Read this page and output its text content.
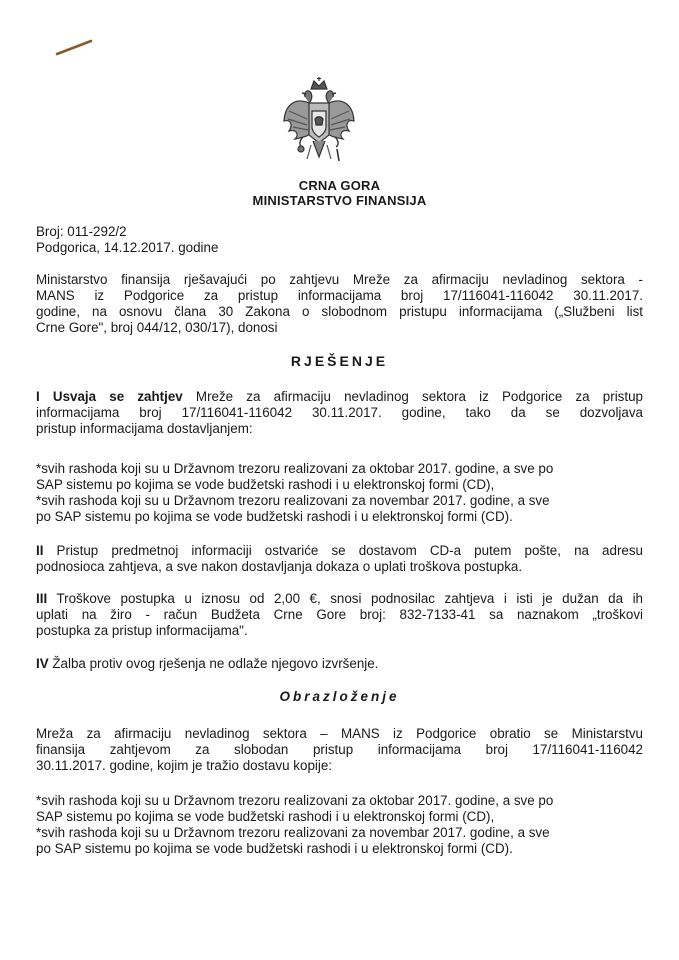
CRNA GORA
MINISTARSTVO FINANSIJA
Broj: 011-292/2
Podgorica, 14.12.2017. godine
Ministarstvo finansija rješavajući po zahtjevu Mreže za afirmaciju nevladinog sektora -
MANS iz Podgorice za pristup informacijama broj 17/116041-116042 30.11.2017.
godine, na osnovu člana 30 Zakona o slobodnom pristupu informacijama („Službeni list
Crne Gore", broj 044/12, 030/17), donosi
RJEŠENJE
I Usvaja se zahtjev Mreže za afirmaciju nevladinog sektora iz Podgorice za pristup
informacijama broj 17/116041-116042 30.11.2017. godine, tako da se dozvoljava
pristup informacijama dostavljanjem:
*svih rashoda koji su u Državnom trezoru realizovani za oktobar 2017. godine, a sve po
SAP sistemu po kojima se vode budžetski rashodi i u elektronskoj formi (CD),
*svih rashoda koji su u Državnom trezoru realizovani za novembar 2017. godine, a sve
po SAP sistemu po kojima se vode budžetski rashodi i u elektronskoj formi (CD).
II Pristup predmetnoj informaciji ostvariće se dostavom CD-a putem pošte, na adresu
podnosioca zahtjeva, a sve nakon dostavljanja dokaza o uplati troškova postupka.
III Troškove postupka u iznosu od 2,00 €, snosi podnosilac zahtjeva i isti je dužan da ih
uplati na žiro - račun Budžeta Crne Gore broj: 832-7133-41 sa naznakom „troškovi
postupka za pristup informacijama".
IV Žalba protiv ovog rješenja ne odlaže njegovo izvršenje.
Obrazloženje
Mreža za afirmaciju nevladinog sektora – MANS iz Podgorice obratio se Ministarstvu
finansija zahtjevom za slobodan pristup informacijama broj 17/116041-116042
30.11.2017. godine, kojim je tražio dostavu kopije:
*svih rashoda koji su u Državnom trezoru realizovani za oktobar 2017. godine, a sve po
SAP sistemu po kojima se vode budžetski rashodi i u elektronskoj formi (CD),
*svih rashoda koji su u Državnom trezoru realizovani za novembar 2017. godine, a sve
po SAP sistemu po kojima se vode budžetski rashodi i u elektronskoj formi (CD).
